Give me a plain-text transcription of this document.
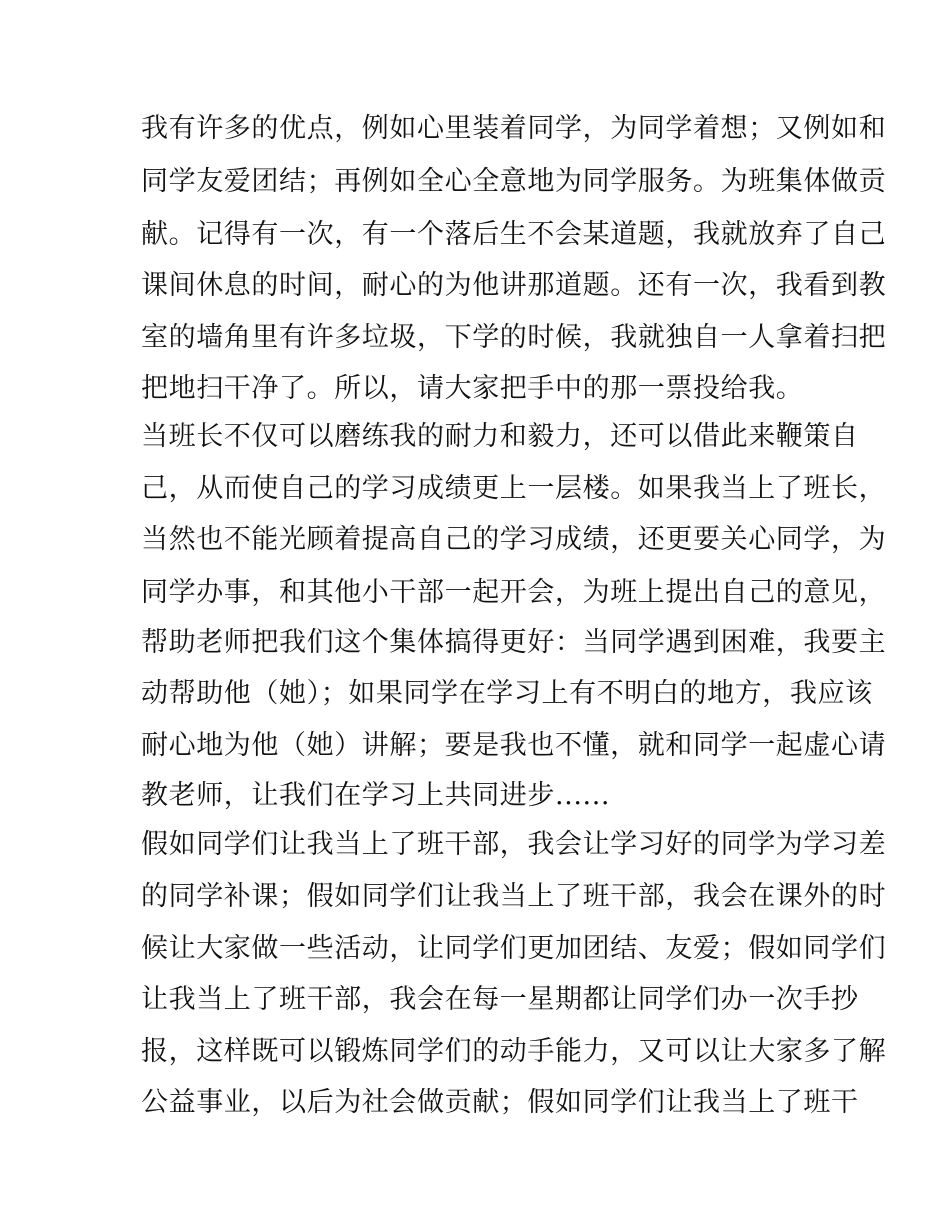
我有许多的优点，例如心里装着同学，为同学着想；又例如和
同学友爱团结；再例如全心全意地为同学服务。为班集体做贡
献。记得有一次，有一个落后生不会某道题，我就放弃了自己
课间休息的时间，耐心的为他讲那道题。还有一次，我看到教
室的墙角里有许多垃圾，下学的时候，我就独自一人拿着扫把
把地扫干净了。所以，请大家把手中的那一票投给我。
当班长不仅可以磨练我的耐力和毅力，还可以借此来鞭策自
己，从而使自己的学习成绩更上一层楼。如果我当上了班长，
当然也不能光顾着提高自己的学习成绩，还更要关心同学，为
同学办事，和其他小干部一起开会，为班上提出自己的意见，
帮助老师把我们这个集体搞得更好：当同学遇到困难，我要主
动帮助他（她）；如果同学在学习上有不明白的地方，我应该
耐心地为他（她）讲解；要是我也不懂，就和同学一起虚心请
教老师，让我们在学习上共同进步......
假如同学们让我当上了班干部，我会让学习好的同学为学习差
的同学补课；假如同学们让我当上了班干部，我会在课外的时
候让大家做一些活动，让同学们更加团结、友爱；假如同学们
让我当上了班干部，我会在每一星期都让同学们办一次手抄
报，这样既可以锻炼同学们的动手能力，又可以让大家多了解
公益事业，以后为社会做贡献；假如同学们让我当上了班干
